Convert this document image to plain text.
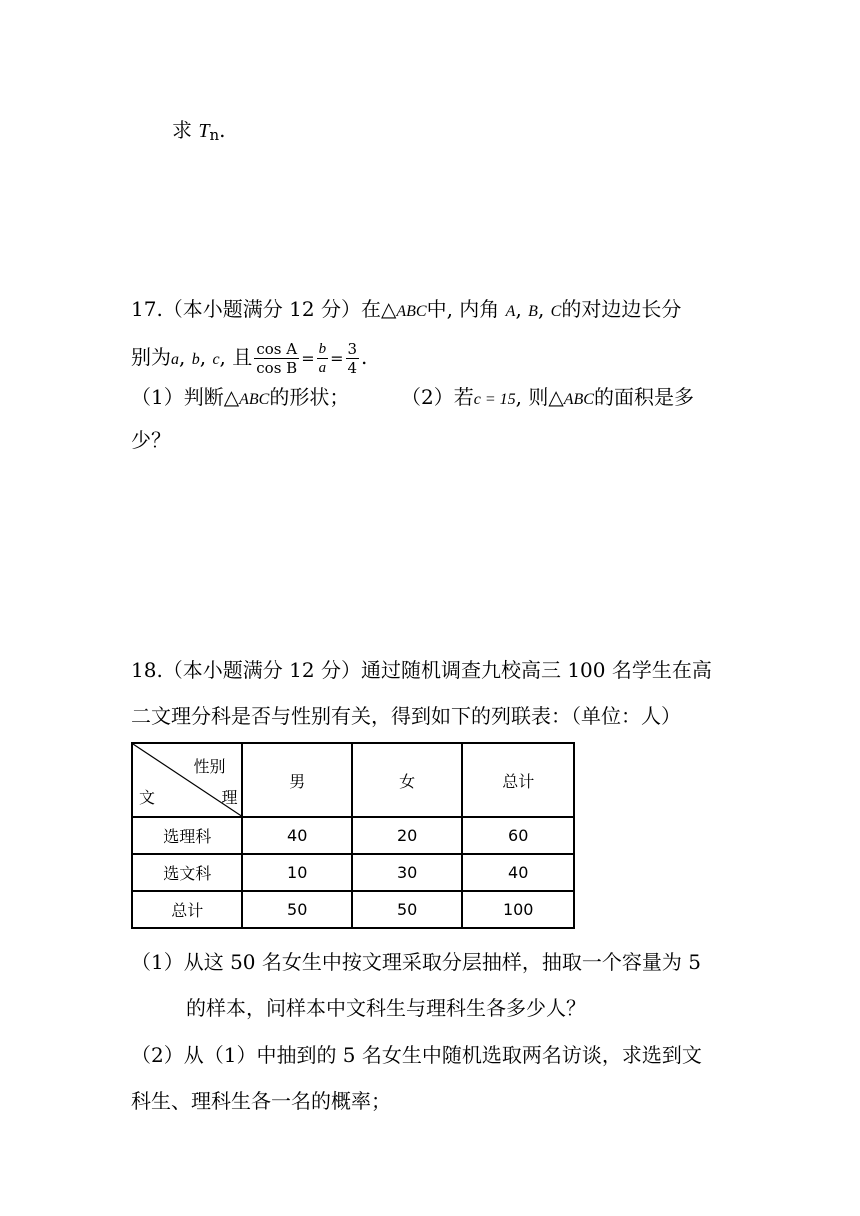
求 $T_n$.
17.（本小题满分 12 分）在△ABC中, 内角 A, B, C的对边边长分
别为a, b, c, 且 $\frac{\text{cos A}}{\text{cos B}} = \frac{b}{a} = \frac{3}{4}$ .
（1）判断△ABC的形状；	（2）若c = 15, 则△ABC的面积是多
少？
18.（本小题满分 12 分）通过随机调查九校高三 100 名学生在高
二文理分科是否与性别有关，得到如下的列联表：（单位：人）
性别
文 理	男	女	总计
选理科	40	20	60
选文科	10	30	40
总计	50	50	100
（1）从这 50 名女生中按文理采取分层抽样，抽取一个容量为 5
的样本，问样本中文科生与理科生各多少人？
（2）从（1）中抽到的 5 名女生中随机选取两名访谈，求选到文
科生、理科生各一名的概率；
